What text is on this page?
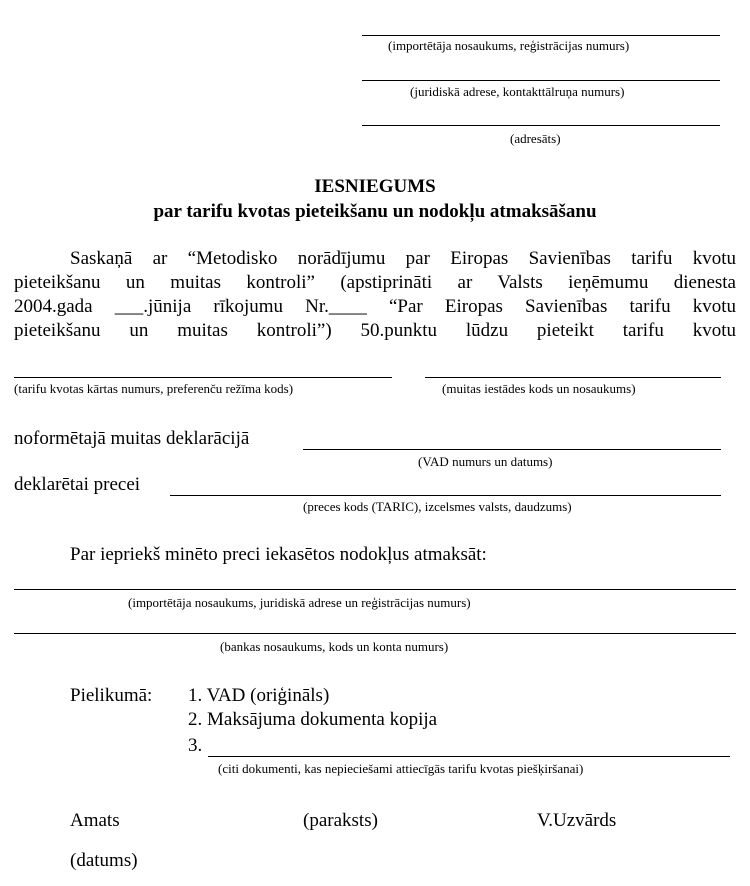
(importētāja nosaukums, reģistrācijas numurs)
(juridiskā adrese, kontakttālruņa numurs)
(adresāts)
IESNIEGUMS
par tarifu kvotas pieteikšanu un nodokļu atmaksāšanu
Saskaņā ar “Metodisko norādījumu par Eiropas Savienības tarifu kvotu
pieteikšanu un muitas kontroli” (apstiprināti ar Valsts ieņēmumu dienesta
2004.gada ___.jūnija rīkojumu Nr.____ “Par Eiropas Savienības tarifu kvotu
pieteikšanu un muitas kontroli”) 50.punktu lūdzu pieteikt tarifu kvotu
(tarifu kvotas kārtas numurs, preferenču režīma kods)	(muitas iestādes kods un nosaukums)
noformētajā muitas deklarācijā
(VAD numurs un datums)
deklarētai precei
(preces kods (TARIC), izcelsmes valsts, daudzums)
Par iepriekš minēto preci iekasētos nodokļus atmaksāt:
(importētāja nosaukums, juridiskā adrese un reģistrācijas numurs)
(bankas nosaukums, kods un konta numurs)
Pielikumā: 1. VAD (oriģināls)
2. Maksājuma dokumenta kopija
3.
(citi dokumenti, kas nepieciešami attiecīgās tarifu kvotas piešķiršanai)
Amats	(paraksts)	V.Uzvārds
(datums)
